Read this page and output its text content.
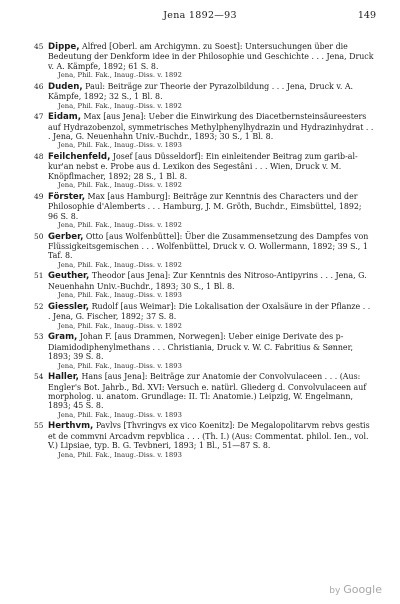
Jena 1892—93	149
45 Dippe, Alfred [Oberl. am Archigymn. zu Soest]: Untersuchungen über die Bedeutung der Denkform idee in der Philosophie und Geschichte . . . Jena, Druck v. A. Kämpfe, 1892; 61 S. 8.
Jena, Phil. Fak., Inaug.-Diss. v. 1892
46 Duden, Paul: Beiträge zur Theorie der Pyrazolbildung . . . Jena, Druck v. A. Kämpfe, 1892; 32 S., 1 Bl. 8.
Jena, Phil. Fak., Inaug.-Diss. v. 1892
47 Eidam, Max [aus Jena]: Ueber die Einwirkung des Diacetbernsteinsäureesters auf Hydrazobenzol, symmetrisches Methylphenylhydrazin und Hydrazinhydrat . . . Jena, G. Neuenhahn Univ.-Buchdr., 1893; 30 S., 1 Bl. 8.
Jena, Phil. Fak., Inaug.-Diss. v. 1893
48 Feilchenfeld, Josef [aus Düsseldorf]: Ein einleitender Beitrag zum garib-al-kur'an nebst e. Probe aus d. Lexikon des Segestâni . . . Wien, Druck v. M. Knöpflmacher, 1892; 28 S., 1 Bl. 8.
Jena, Phil. Fak., Inaug.-Diss. v. 1892
49 Förster, Max [aus Hamburg]: Beiträge zur Kenntnis des Characters und der Philosophie d'Alemberts . . . Hamburg, J. M. Gröth, Buchdr., Eimsbüttel, 1892; 96 S. 8.
Jena, Phil. Fak., Inaug.-Diss. v. 1892
50 Gerber, Otto [aus Wolfenbüttel]: Über die Zusammensetzung des Dampfes von Flüssigkeitsgemischen . . . Wolfenbüttel, Druck v. O. Wollermann, 1892; 39 S., 1 Taf. 8.
Jena, Phil. Fak., Inaug.-Diss. v. 1892
51 Geuther, Theodor [aus Jena]: Zur Kenntnis des Nitroso-Antipyrins . . . Jena, G. Neuenhahn Univ.-Buchdr., 1893; 30 S., 1 Bl. 8.
Jena, Phil. Fak., Inaug.-Diss. v. 1893
52 Giessler, Rudolf [aus Weimar]: Die Lokalisation der Oxalsäure in der Pflanze . . . Jena, G. Fischer, 1892; 37 S. 8.
Jena, Phil. Fak., Inaug.-Diss. v. 1892
53 Gram, Johan F. [aus Drammen, Norwegen]: Ueber einige Derivate des p-Diamidodiphenylmethans . . . Christiania, Druck v. W. C. Fabritius & Sønner, 1893; 39 S. 8.
Jena, Phil. Fak., Inaug.-Diss. v. 1893
54 Haller, Hans [aus Jena]: Beiträge zur Anatomie der Convolvulaceen . . . (Aus: Engler's Bot. Jahrb., Bd. XVI: Versuch e. natürl. Gliederg d. Convolvulaceen auf morpholog. u. anatom. Grundlage: II. Tl: Anatomie.) Leipzig, W. Engelmann, 1893; 45 S. 8.
Jena, Phil. Fak., Inaug.-Diss. v. 1893
55 Herthvm, Pavlvs [Thvringvs ex vico Koenitz]: De Megalopolitarvm rebvs gestis et de commvni Arcadvm repvblica . . . (Th. I.) (Aus: Commentat. philol. Ien., vol. V.) Lipsiae, typ. B. G. Tevbneri, 1893; 1 Bl., 51—87 S. 8.
Jena, Phil. Fak., Inaug.-Diss. v. 1893
by Google
